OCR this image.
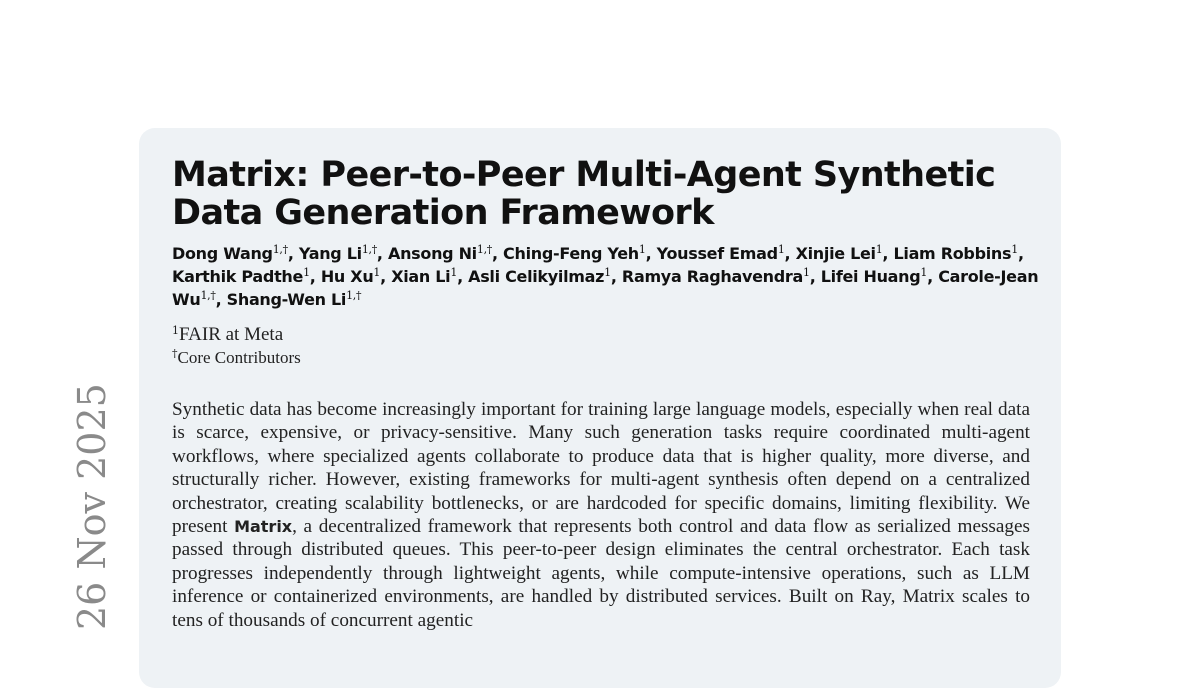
26 Nov 2025
Matrix: Peer-to-Peer Multi-Agent Synthetic Data Generation Framework
Dong Wang$^{1,\dagger}$, Yang $Li^{1,\dagger}$, Ansong $Ni^{1,\dagger}$, Ching-Feng Yeh$^1$, Youssef Emad$^1$, Xinjie Lei$^1$, Liam Robbins$^1$, Karthik Padthe$^1$, Hu Xu$^1$, Xian Li$^1$, Asli Celikyilmaz$^1$, Ramya Raghavendra$^1$, Lifei Huang$^1$, Carole-Jean $Wu^{1,\dagger}$, Shang-Wen $Li^{1,\dagger}$
$^1$FAIR at Meta
†Core Contributors

Synthetic data has become increasingly important for training large language models, especially when real data is scarce, expensive, or privacy-sensitive. Many such generation tasks require coordinated multi-agent workflows, where specialized agents collaborate to produce data that is higher quality, more diverse, and structurally richer. However, existing frameworks for multi-agent synthesis often depend on a centralized orchestrator, creating scalability bottlenecks, or are hardcoded for specific domains, limiting flexibility. We present Matrix, a decentralized framework that represents both control and data flow as serialized messages passed through distributed queues. This peer-to-peer design eliminates the central orchestrator. Each task progresses independently through lightweight agents, while compute-intensive operations, such as LLM inference or containerized environments, are handled by distributed services. Built on Ray, Matrix scales to tens of thousands of concurrent agentic
